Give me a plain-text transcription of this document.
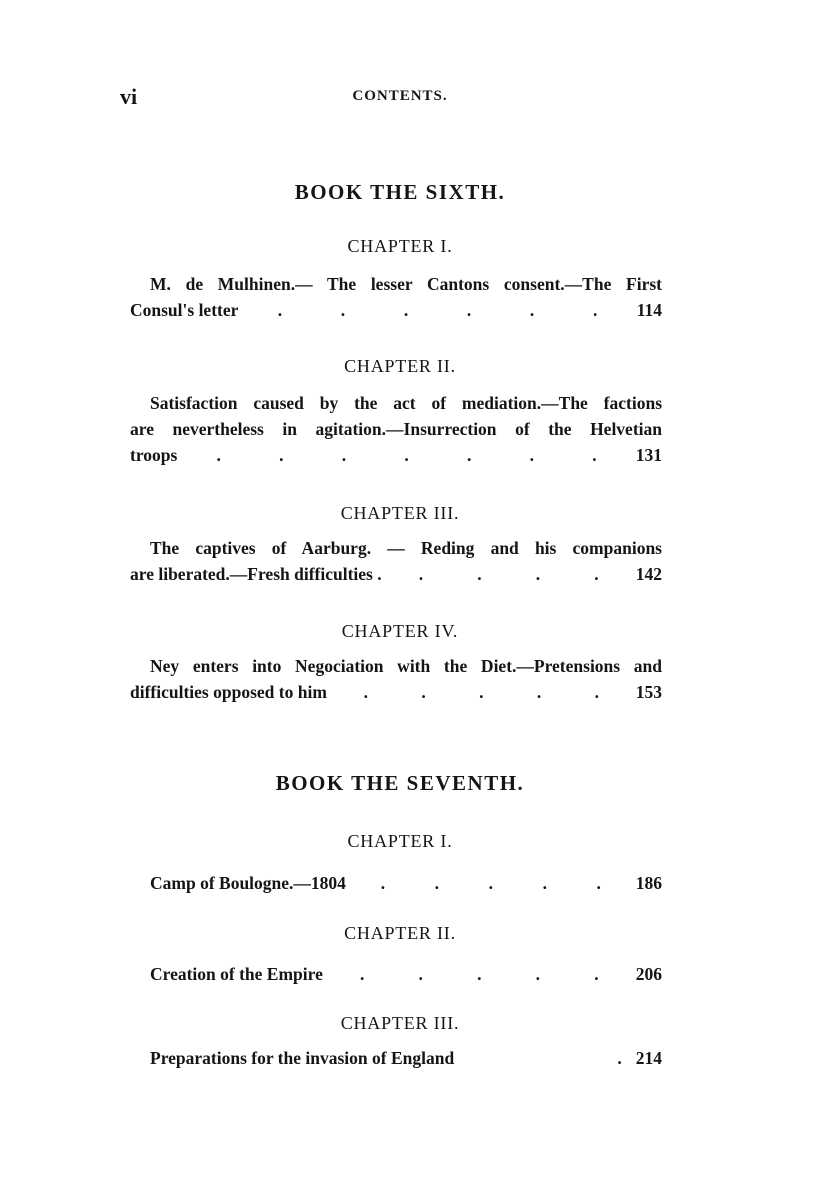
vi	CONTENTS.
BOOK THE SIXTH.
CHAPTER I.
M. de Mulhinen.— The lesser Cantons consent.—The First
Consul's letter .	.	.	.	.	. 114
CHAPTER II.
Satisfaction caused by the act of mediation.—The factions
are nevertheless in agitation.—Insurrection of the Helvetian
troops .	.	.	.	.	.	. 131
CHAPTER III.
The captives of Aarburg. — Reding and his companions
are liberated.—Fresh difficulties . .	.	.	. 142
CHAPTER IV.
Ney enters into Negociation with the Diet.—Pretensions and
difficulties opposed to him .	.	.	.	. 153
BOOK THE SEVENTH.
CHAPTER I.
Camp of Boulogne.—1804 .	.	.	.	. 186
CHAPTER II.
Creation of the Empire .	.	.	.	. 206
CHAPTER III.
Preparations for the invasion of England	. 214
